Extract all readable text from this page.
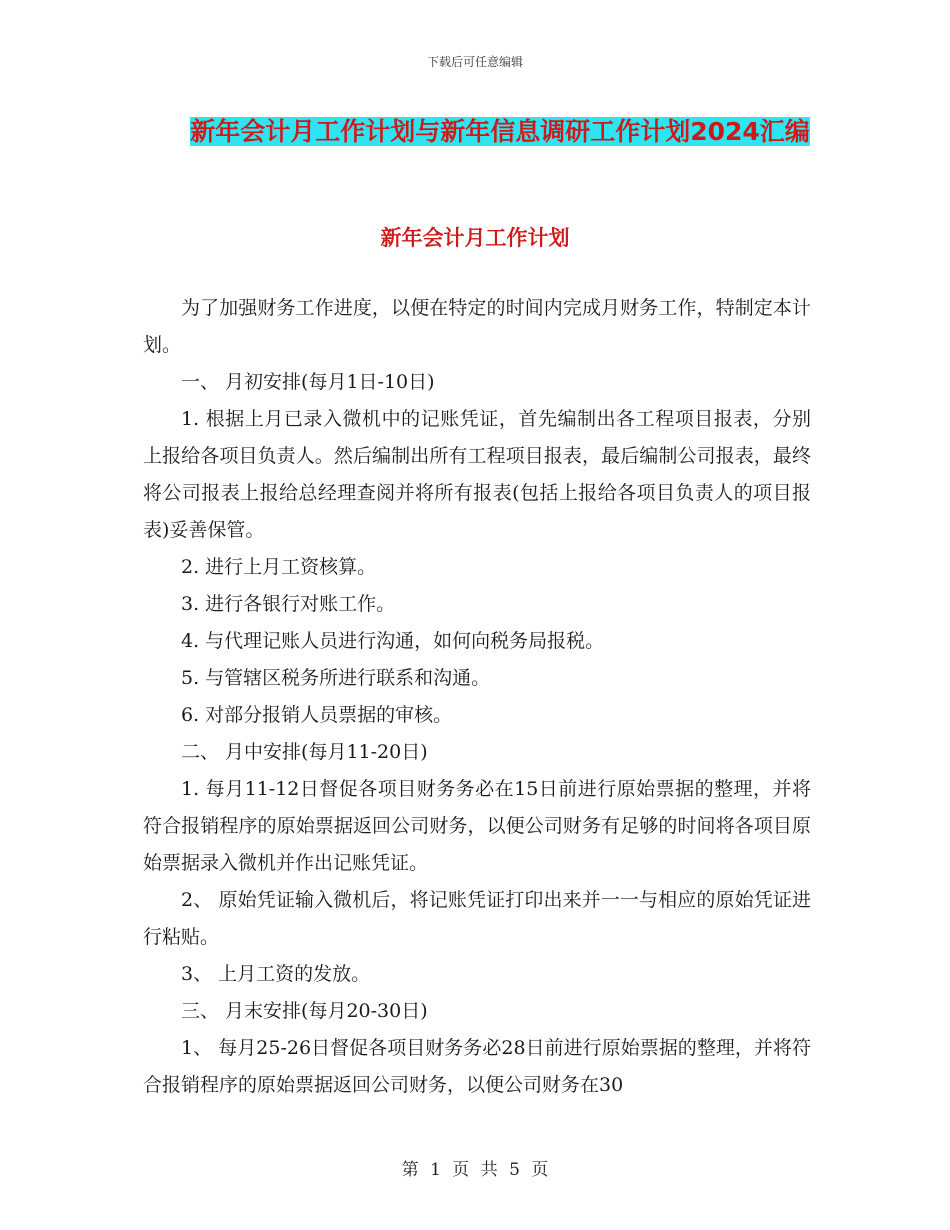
下载后可任意编辑
新年会计月工作计划与新年信息调研工作计划2024汇编
新年会计月工作计划

为了加强财务工作进度，以便在特定的时间内完成月财务工作，特制定本计划。

一、 月初安排(每月1日-10日)

1. 根据上月已录入微机中的记账凭证，首先编制出各工程项目报表，分别上报给各项目负责人。然后编制出所有工程项目报表，最后编制公司报表，最终将公司报表上报给总经理查阅并将所有报表(包括上报给各项目负责人的项目报表)妥善保管。

2. 进行上月工资核算。

3. 进行各银行对账工作。

4. 与代理记账人员进行沟通，如何向税务局报税。

5. 与管辖区税务所进行联系和沟通。

6. 对部分报销人员票据的审核。

二、 月中安排(每月11-20日)

1. 每月11-12日督促各项目财务务必在15日前进行原始票据的整理，并将符合报销程序的原始票据返回公司财务，以便公司财务有足够的时间将各项目原始票据录入微机并作出记账凭证。

2、 原始凭证输入微机后，将记账凭证打印出来并一一与相应的原始凭证进行粘贴。

3、 上月工资的发放。

三、 月末安排(每月20-30日)

1、 每月25-26日督促各项目财务务必28日前进行原始票据的整理，并将符合报销程序的原始票据返回公司财务，以便公司财务在30

第 1 页 共 5 页
